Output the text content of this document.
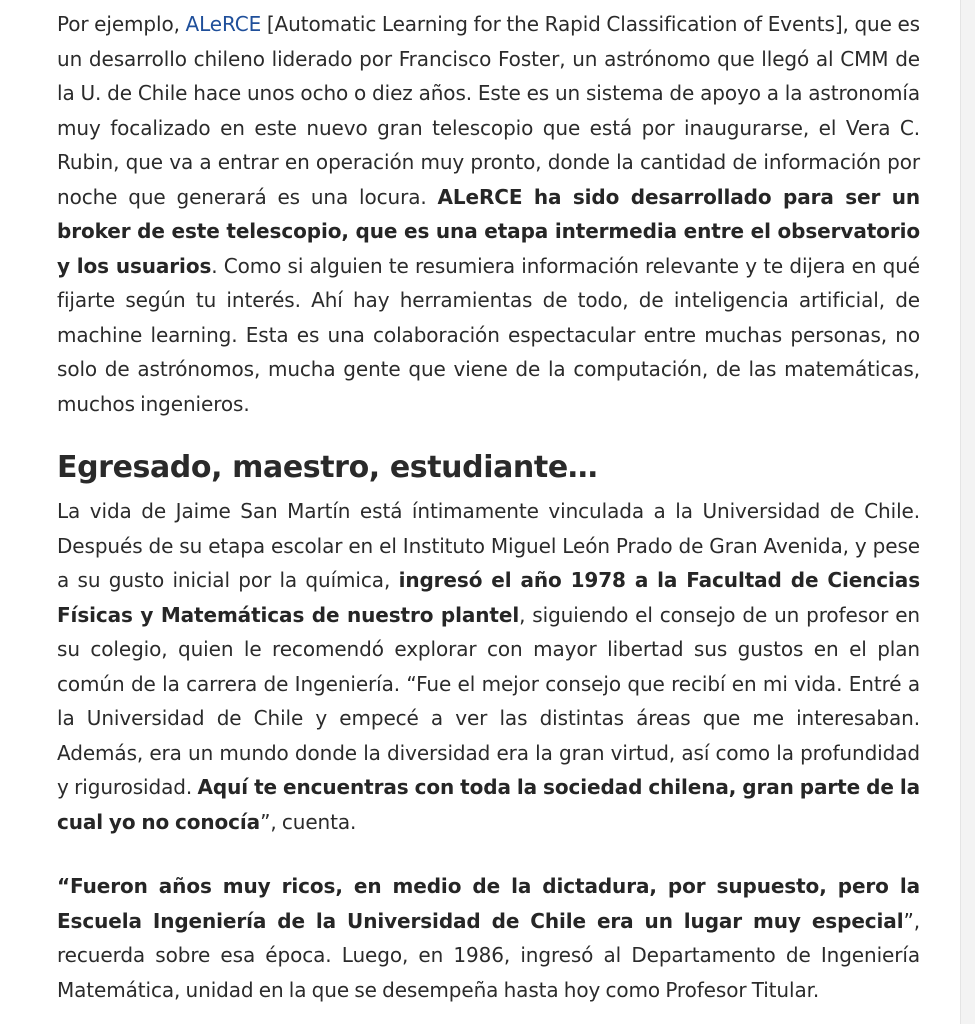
Por ejemplo, ALeRCE [Automatic Learning for the Rapid Classification of Events], que es un desarrollo chileno liderado por Francisco Foster, un astrónomo que llegó al CMM de la U. de Chile hace unos ocho o diez años. Este es un sistema de apoyo a la astronomía muy focalizado en este nuevo gran telescopio que está por inaugurarse, el Vera C. Rubin, que va a entrar en operación muy pronto, donde la cantidad de información por noche que generará es una locura. ALeRCE ha sido desarrollado para ser un broker de este telescopio, que es una etapa intermedia entre el observatorio y los usuarios. Como si alguien te resumiera información relevante y te dijera en qué fijarte según tu interés. Ahí hay herramientas de todo, de inteligencia artificial, de machine learning. Esta es una colaboración espectacular entre muchas personas, no solo de astrónomos, mucha gente que viene de la computación, de las matemáticas, muchos ingenieros.

Egresado, maestro, estudiante…

La vida de Jaime San Martín está íntimamente vinculada a la Universidad de Chile. Después de su etapa escolar en el Instituto Miguel León Prado de Gran Avenida, y pese a su gusto inicial por la química, ingresó el año 1978 a la Facultad de Ciencias Físicas y Matemáticas de nuestro plantel, siguiendo el consejo de un profesor en su colegio, quien le recomendó explorar con mayor libertad sus gustos en el plan común de la carrera de Ingeniería. “Fue el mejor consejo que recibí en mi vida. Entré a la Universidad de Chile y empecé a ver las distintas áreas que me interesaban. Además, era un mundo donde la diversidad era la gran virtud, así como la profundidad y rigurosidad. Aquí te encuentras con toda la sociedad chilena, gran parte de la cual yo no conocía”, cuenta.

“Fueron años muy ricos, en medio de la dictadura, por supuesto, pero la Escuela Ingeniería de la Universidad de Chile era un lugar muy especial”, recuerda sobre esa época. Luego, en 1986, ingresó al Departamento de Ingeniería Matemática, unidad en la que se desempeña hasta hoy como Profesor Titular.
